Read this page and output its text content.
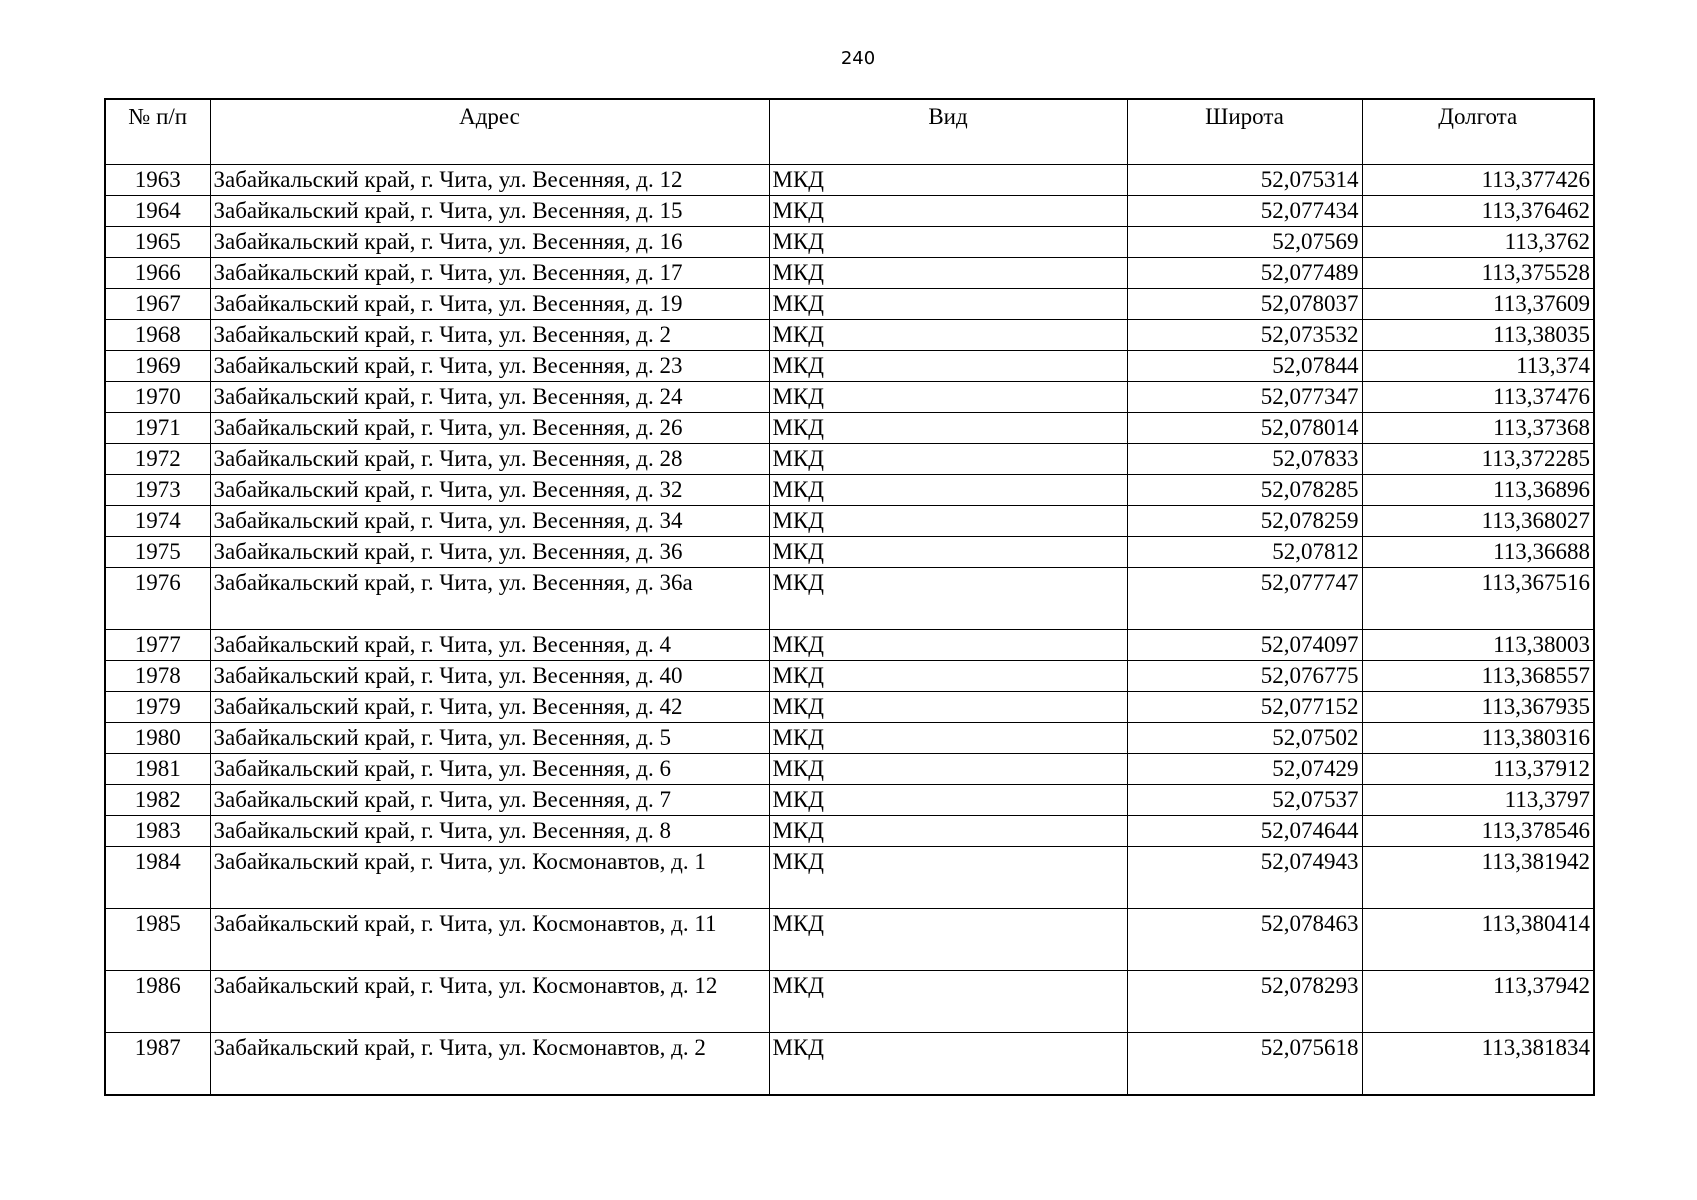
240
№ п/п	Адрес	Вид	Широта	Долгота
1963	Забайкальский край, г. Чита, ул. Весенняя, д. 12	МКД	52,075314	113,377426
1964	Забайкальский край, г. Чита, ул. Весенняя, д. 15	МКД	52,077434	113,376462
1965	Забайкальский край, г. Чита, ул. Весенняя, д. 16	МКД	52,07569	113,3762
1966	Забайкальский край, г. Чита, ул. Весенняя, д. 17	МКД	52,077489	113,375528
1967	Забайкальский край, г. Чита, ул. Весенняя, д. 19	МКД	52,078037	113,37609
1968	Забайкальский край, г. Чита, ул. Весенняя, д. 2	МКД	52,073532	113,38035
1969	Забайкальский край, г. Чита, ул. Весенняя, д. 23	МКД	52,07844	113,374
1970	Забайкальский край, г. Чита, ул. Весенняя, д. 24	МКД	52,077347	113,37476
1971	Забайкальский край, г. Чита, ул. Весенняя, д. 26	МКД	52,078014	113,37368
1972	Забайкальский край, г. Чита, ул. Весенняя, д. 28	МКД	52,07833	113,372285
1973	Забайкальский край, г. Чита, ул. Весенняя, д. 32	МКД	52,078285	113,36896
1974	Забайкальский край, г. Чита, ул. Весенняя, д. 34	МКД	52,078259	113,368027
1975	Забайкальский край, г. Чита, ул. Весенняя, д. 36	МКД	52,07812	113,36688
1976	Забайкальский край, г. Чита, ул. Весенняя, д. 36а	МКД	52,077747	113,367516
1977	Забайкальский край, г. Чита, ул. Весенняя, д. 4	МКД	52,074097	113,38003
1978	Забайкальский край, г. Чита, ул. Весенняя, д. 40	МКД	52,076775	113,368557
1979	Забайкальский край, г. Чита, ул. Весенняя, д. 42	МКД	52,077152	113,367935
1980	Забайкальский край, г. Чита, ул. Весенняя, д. 5	МКД	52,07502	113,380316
1981	Забайкальский край, г. Чита, ул. Весенняя, д. 6	МКД	52,07429	113,37912
1982	Забайкальский край, г. Чита, ул. Весенняя, д. 7	МКД	52,07537	113,3797
1983	Забайкальский край, г. Чита, ул. Весенняя, д. 8	МКД	52,074644	113,378546
1984	Забайкальский край, г. Чита, ул. Космонавтов, д. 1	МКД	52,074943	113,381942
1985	Забайкальский край, г. Чита, ул. Космонавтов, д. 11	МКД	52,078463	113,380414
1986	Забайкальский край, г. Чита, ул. Космонавтов, д. 12	МКД	52,078293	113,37942
1987	Забайкальский край, г. Чита, ул. Космонавтов, д. 2	МКД	52,075618	113,381834
